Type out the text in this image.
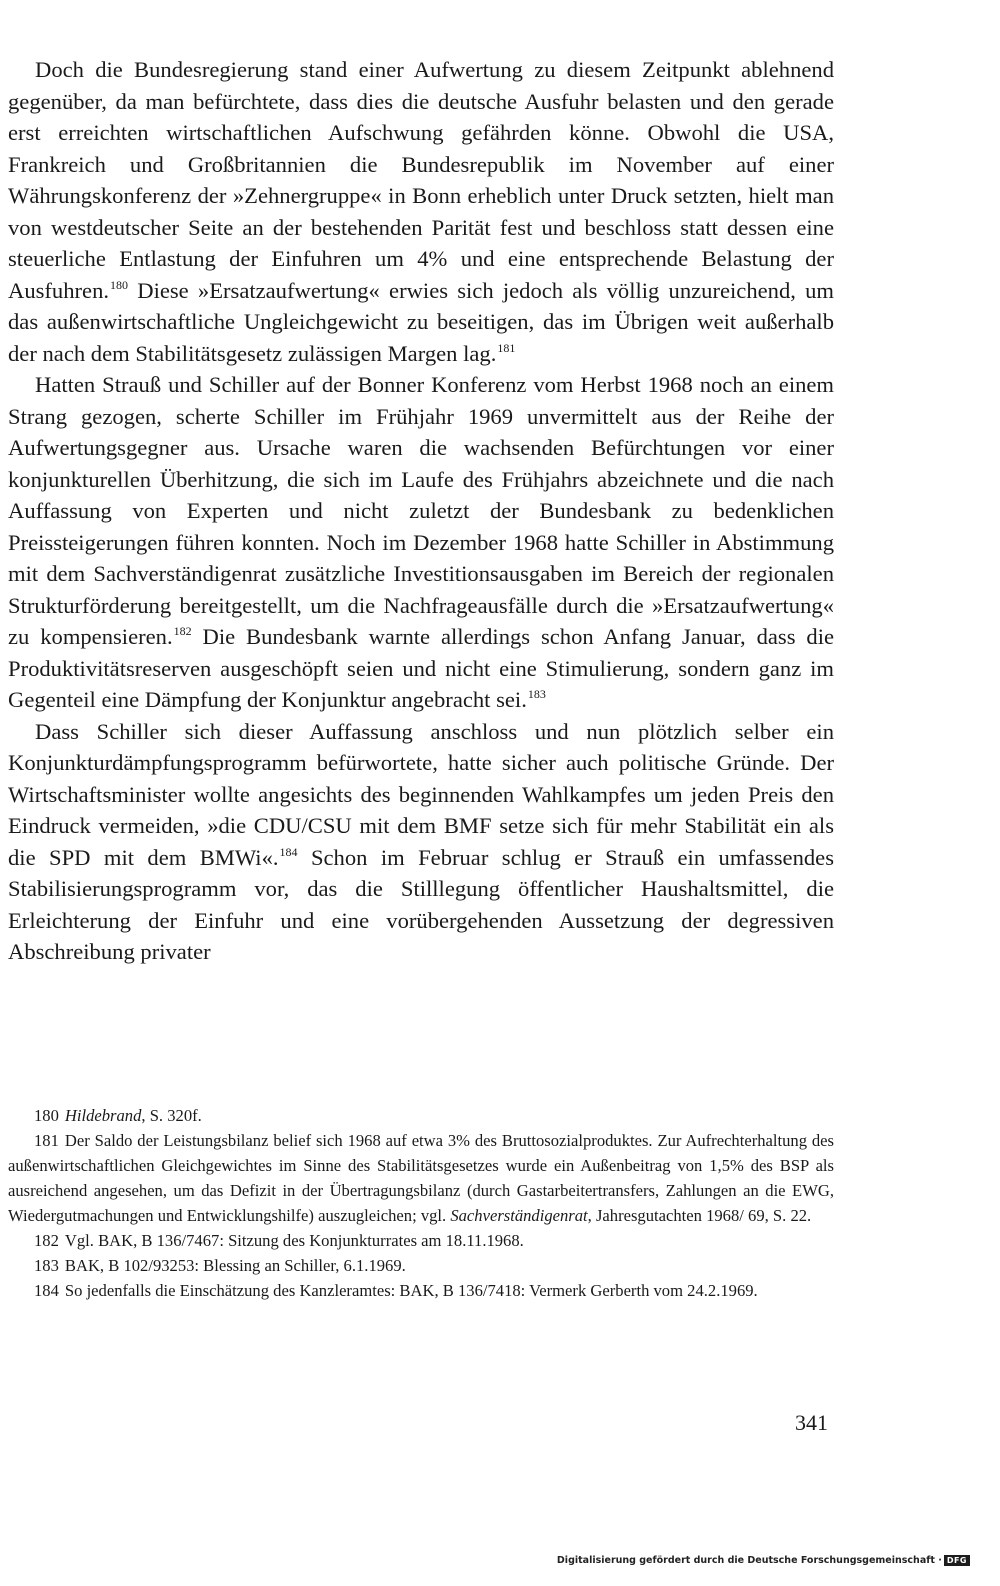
Doch die Bundesregierung stand einer Aufwertung zu diesem Zeitpunkt ablehnend gegenüber, da man befürchtete, dass dies die deutsche Ausfuhr belasten und den gerade erst erreichten wirtschaftlichen Aufschwung gefährden könne. Obwohl die USA, Frankreich und Großbritannien die Bundesrepublik im November auf einer Währungskonferenz der »Zehnergruppe« in Bonn erheblich unter Druck setzten, hielt man von westdeutscher Seite an der bestehenden Parität fest und beschloss statt dessen eine steuerliche Entlastung der Einfuhren um 4% und eine entsprechende Belastung der Ausfuhren.$^{180}$ Diese »Ersatzaufwertung« erwies sich jedoch als völlig unzureichend, um das außenwirtschaftliche Ungleichgewicht zu beseitigen, das im Übrigen weit außerhalb der nach dem Stabilitätsgesetz zulässigen Margen lag.$^{181}$

Hatten Strauß und Schiller auf der Bonner Konferenz vom Herbst 1968 noch an einem Strang gezogen, scherte Schiller im Frühjahr 1969 unvermittelt aus der Reihe der Aufwertungsgegner aus. Ursache waren die wachsenden Befürchtungen vor einer konjunkturellen Überhitzung, die sich im Laufe des Frühjahrs abzeichnete und die nach Auffassung von Experten und nicht zuletzt der Bundesbank zu bedenklichen Preissteigerungen führen konnten. Noch im Dezember 1968 hatte Schiller in Abstimmung mit dem Sachverständigenrat zusätzliche Investitionsausgaben im Bereich der regionalen Strukturförderung bereitgestellt, um die Nachfrageausfälle durch die »Ersatzaufwertung« zu kompensieren.$^{182}$ Die Bundesbank warnte allerdings schon Anfang Januar, dass die Produktivitätsreserven ausgeschöpft seien und nicht eine Stimulierung, sondern ganz im Gegenteil eine Dämpfung der Konjunktur angebracht sei.$^{183}$

Dass Schiller sich dieser Auffassung anschloss und nun plötzlich selber ein Konjunkturdämpfungsprogramm befürwortete, hatte sicher auch politische Gründe. Der Wirtschaftsminister wollte angesichts des beginnenden Wahlkampfes um jeden Preis den Eindruck vermeiden, »die CDU/CSU mit dem BMF setze sich für mehr Stabilität ein als die SPD mit dem BMWi«.$^{184}$ Schon im Februar schlug er Strauß ein umfassendes Stabilisierungsprogramm vor, das die Stilllegung öffentlicher Haushaltsmittel, die Erleichterung der Einfuhr und eine vorübergehenden Aussetzung der degressiven Abschreibung privater

180 Hildebrand, S. 320f.

181 Der Saldo der Leistungsbilanz belief sich 1968 auf etwa 3% des Bruttosozialproduktes. Zur Aufrechterhaltung des außenwirtschaftlichen Gleichgewichtes im Sinne des Stabilitätsgesetzes wurde ein Außenbeitrag von 1,5% des BSP als ausreichend angesehen, um das Defizit in der Übertragungsbilanz (durch Gastarbeitertransfers, Zahlungen an die EWG, Wiedergutmachungen und Entwicklungshilfe) auszugleichen; vgl. Sachverständigenrat, Jahresgutachten 1968/ 69, S. 22.

182 Vgl. BAK, B 136/7467: Sitzung des Konjunkturrates am 18.11.1968.

183 BAK, B 102/93253: Blessing an Schiller, 6.1.1969.

184 So jedenfalls die Einschätzung des Kanzleramtes: BAK, B 136/7418: Vermerk Gerberth vom 24.2.1969.

341
Digitalisierung gefördert durch die Deutsche Forschungsgemeinschaft · DFG
